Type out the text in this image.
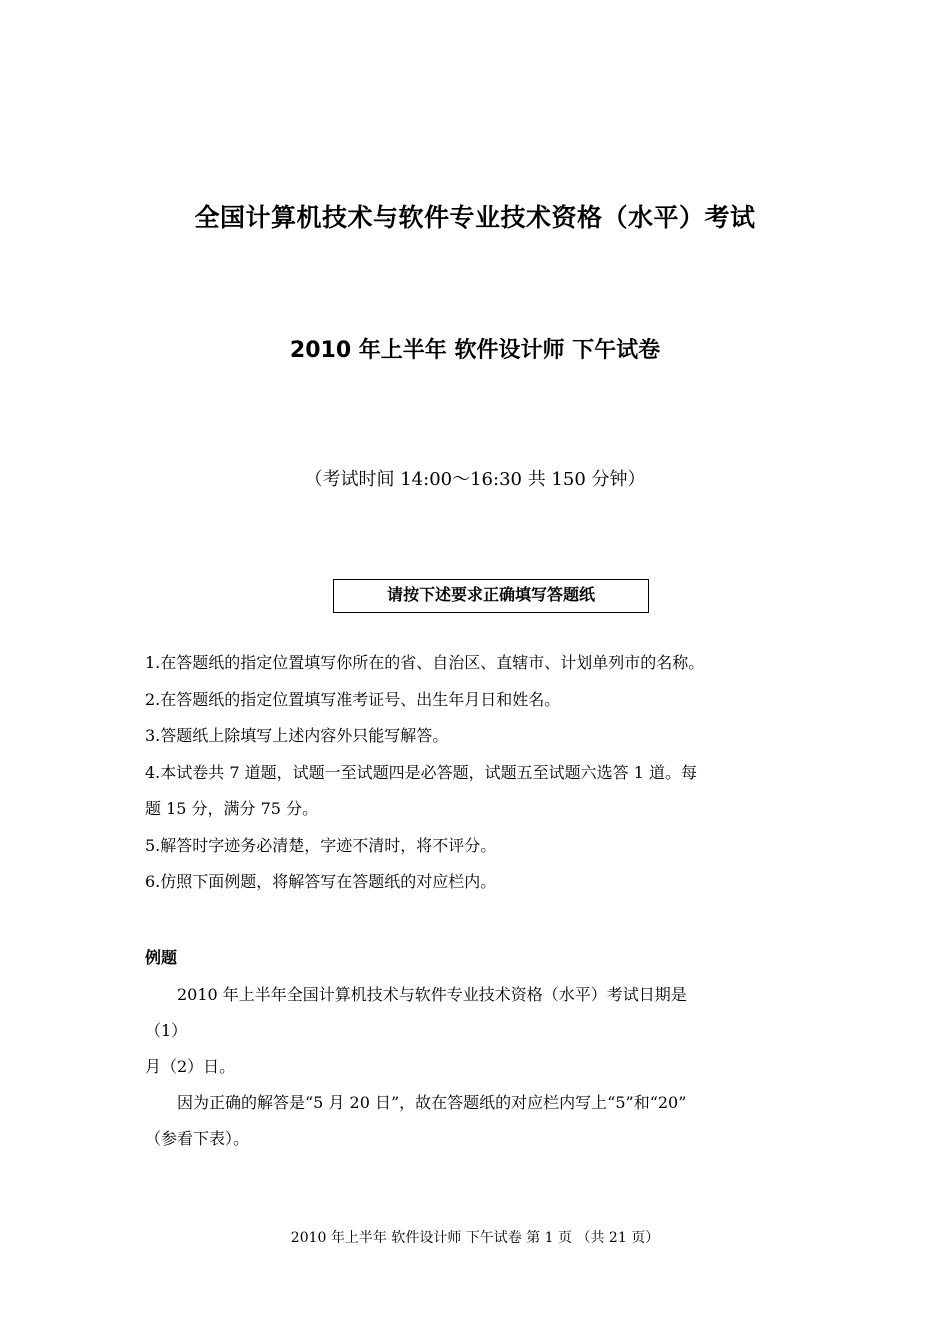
全国计算机技术与软件专业技术资格（水平）考试
2010 年上半年 软件设计师 下午试卷
（考试时间 14:00～16:30 共 150 分钟）
请按下述要求正确填写答题纸
1.在答题纸的指定位置填写你所在的省、自治区、直辖市、计划单列市的名称。
2.在答题纸的指定位置填写准考证号、出生年月日和姓名。
3.答题纸上除填写上述内容外只能写解答。
4.本试卷共 7 道题，试题一至试题四是必答题，试题五至试题六选答 1 道。每
题 15 分，满分 75 分。
5.解答时字迹务必清楚，字迹不清时，将不评分。
6.仿照下面例题，将解答写在答题纸的对应栏内。
例题
2010 年上半年全国计算机技术与软件专业技术资格（水平）考试日期是
（1）
月（2）日。
因为正确的解答是“5 月 20 日”，故在答题纸的对应栏内写上“5”和“20”
（参看下表）。
2010 年上半年 软件设计师 下午试卷 第 1 页 （共 21 页）
